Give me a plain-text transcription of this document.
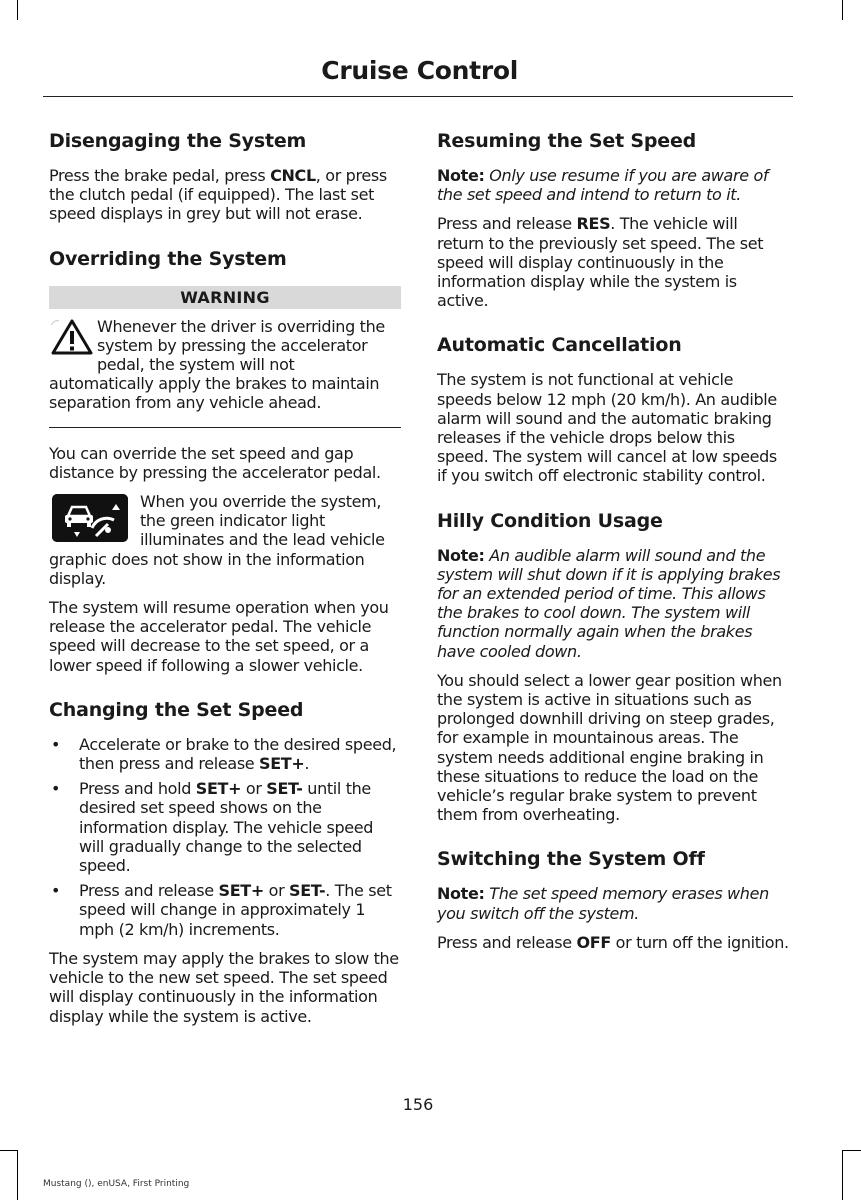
Cruise Control
Disengaging the System

Press the brake pedal, press CNCL, or press the clutch pedal (if equipped). The last set speed displays in grey but will not erase.

Overriding the System
WARNING

Whenever the driver is overriding the system by pressing the accelerator pedal, the system will not automatically apply the brakes to maintain separation from any vehicle ahead.

You can override the set speed and gap distance by pressing the accelerator pedal.

When you override the system, the green indicator light illuminates and the lead vehicle graphic does not show in the information display.

The system will resume operation when you release the accelerator pedal. The vehicle speed will decrease to the set speed, or a lower speed if following a slower vehicle.

Changing the Set Speed
• Accelerate or brake to the desired speed, then press and release SET+.
• Press and hold SET+ or SET- until the desired set speed shows on the information display. The vehicle speed will gradually change to the selected speed.
• Press and release SET+ or SET-. The set speed will change in approximately 1 mph (2 km/h) increments.

The system may apply the brakes to slow the vehicle to the new set speed. The set speed will display continuously in the information display while the system is active.

Resuming the Set Speed

Note: Only use resume if you are aware of the set speed and intend to return to it.

Press and release RES. The vehicle will return to the previously set speed. The set speed will display continuously in the information display while the system is active.

Automatic Cancellation

The system is not functional at vehicle speeds below 12 mph (20 km/h). An audible alarm will sound and the automatic braking releases if the vehicle drops below this speed. The system will cancel at low speeds if you switch off electronic stability control.

Hilly Condition Usage

Note: An audible alarm will sound and the system will shut down if it is applying brakes for an extended period of time. This allows the brakes to cool down. The system will function normally again when the brakes have cooled down.

You should select a lower gear position when the system is active in situations such as prolonged downhill driving on steep grades, for example in mountainous areas. The system needs additional engine braking in these situations to reduce the load on the vehicle’s regular brake system to prevent them from overheating.

Switching the System Off

Note: The set speed memory erases when you switch off the system.

Press and release OFF or turn off the ignition.

156
Mustang (), enUSA, First Printing
